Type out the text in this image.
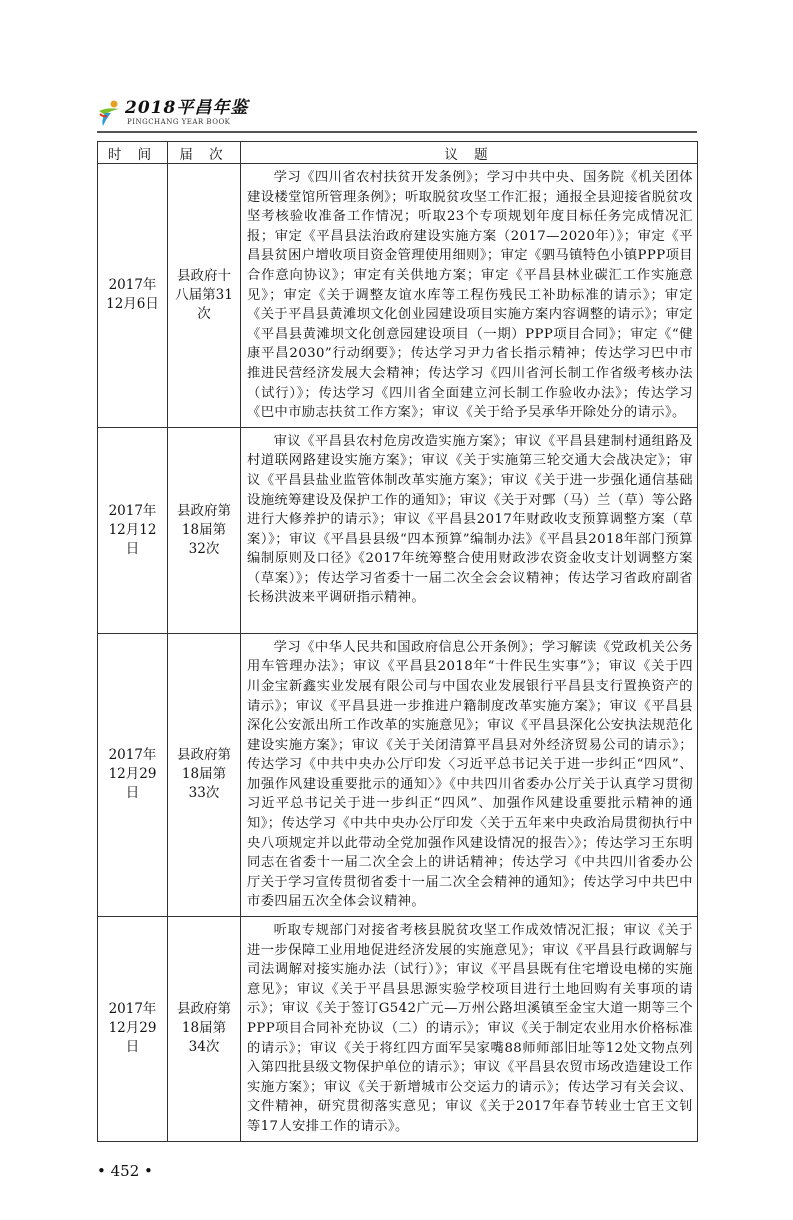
2018平昌年鉴
PINGCHANG YEAR BOOK
时 间	届 次	议 题
2017年12月6日	县政府十八届第31次	学习《四川省农村扶贫开发条例》；学习中共中央、国务院《机关团体建设楼堂馆所管理条例》；听取脱贫攻坚工作汇报；通报全县迎接省脱贫攻坚考核验收准备工作情况；听取23个专项规划年度目标任务完成情况汇报；审定《平昌县法治政府建设实施方案（2017—2020年）》；审定《平昌县贫困户增收项目资金管理使用细则》；审定《驷马镇特色小镇PPP项目合作意向协议》；审定有关供地方案；审定《平昌县林业碳汇工作实施意见》；审定《关于调整友谊水库等工程伤残民工补助标准的请示》；审定《关于平昌县黄滩坝文化创业园建设项目实施方案内容调整的请示》；审定《平昌县黄滩坝文化创意园建设项目（一期）PPP项目合同》；审定《“健康平昌2030”行动纲要》；传达学习尹力省长指示精神；传达学习巴中市推进民营经济发展大会精神；传达学习《四川省河长制工作省级考核办法（试行）》；传达学习《四川省全面建立河长制工作验收办法》；传达学习《巴中市励志扶贫工作方案》；审议《关于给予吴承华开除处分的请示》。
2017年12月12日	县政府第18届第32次	审议《平昌县农村危房改造实施方案》；审议《平昌县建制村通组路及村道联网路建设实施方案》；审议《关于实施第三轮交通大会战决定》；审议《平昌县盐业监管体制改革实施方案》；审议《关于进一步强化通信基础设施统筹建设及保护工作的通知》；审议《关于对鄄（马）兰（草）等公路进行大修养护的请示》；审议《平昌县2017年财政收支预算调整方案（草案）》；审议《平昌县县级“四本预算”编制办法》《平昌县2018年部门预算编制原则及口径》《2017年统筹整合使用财政涉农资金收支计划调整方案（草案）》；传达学习省委十一届二次全会会议精神；传达学习省政府副省长杨洪波来平调研指示精神。
2017年12月29日	县政府第18届第33次	学习《中华人民共和国政府信息公开条例》；学习解读《党政机关公务用车管理办法》；审议《平昌县2018年“十件民生实事”》；审议《关于四川金宝新鑫实业发展有限公司与中国农业发展银行平昌县支行置换资产的请示》；审议《平昌县进一步推进户籍制度改革实施方案》；审议《平昌县深化公安派出所工作改革的实施意见》；审议《平昌县深化公安执法规范化建设实施方案》；审议《关于关闭清算平昌县对外经济贸易公司的请示》；传达学习《中共中央办公厅印发〈习近平总书记关于进一步纠正“四风”、加强作风建设重要批示的通知〉》《中共四川省委办公厅关于认真学习贯彻习近平总书记关于进一步纠正“四风”、加强作风建设重要批示精神的通知》；传达学习《中共中央办公厅印发〈关于五年来中央政治局贯彻执行中央八项规定并以此带动全党加强作风建设情况的报告〉》；传达学习王东明同志在省委十一届二次全会上的讲话精神；传达学习《中共四川省委办公厅关于学习宣传贯彻省委十一届二次全会精神的通知》；传达学习中共巴中市委四届五次全体会议精神。
2017年12月29日	县政府第18届第34次	听取专规部门对接省考核县脱贫攻坚工作成效情况汇报；审议《关于进一步保障工业用地促进经济发展的实施意见》；审议《平昌县行政调解与司法调解对接实施办法（试行）》；审议《平昌县既有住宅增设电梯的实施意见》；审议《关于平昌县思源实验学校项目进行土地回购有关事项的请示》；审议《关于签订G542广元—万州公路坦溪镇至金宝大道一期等三个PPP项目合同补充协议（二）的请示》；审议《关于制定农业用水价格标准的请示》；审议《关于将红四方面军吴家嘴88师师部旧址等12处文物点列入第四批县级文物保护单位的请示》；审议《平昌县农贸市场改造建设工作实施方案》；审议《关于新增城市公交运力的请示》；传达学习有关会议、文件精神，研究贯彻落实意见；审议《关于2017年春节转业士官王文钊等17人安排工作的请示》。
• 452 •
